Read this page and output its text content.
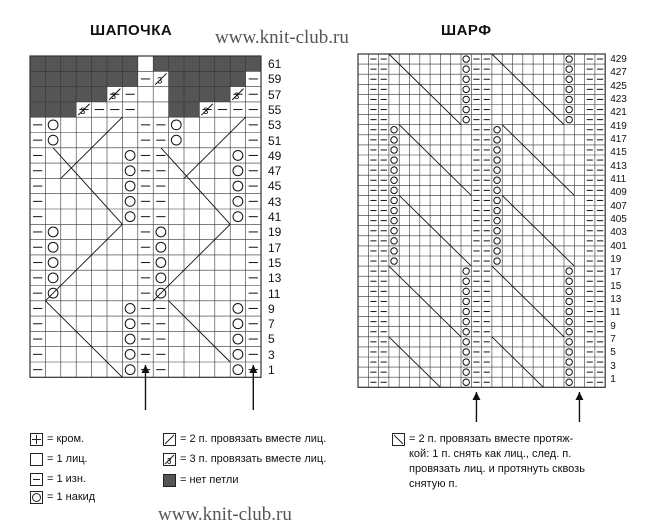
ШАПОЧКА	ШАРФ
www.knit-club.ru
www.knit-club.ru
3
3	3
3	3
61
59
57
55
53
51
49
47
45
43
41
19
17
15
13
11
9
7
5
3
1
429
427
425
423
421
419
417
415
413
411
409
407
405
403
401
19
17
15
13
11
9
7
5
3
1
= кром.
= 1 лиц.
= 1 изн.
= 1 накид
= 2 п. провязать вместе лиц.
3 = 3 п. провязать вместе лиц.
= нет петли
= 2 п. провязать вместе протяж-
кой: 1 п. снять как лиц., след. п.
провязать лиц. и протянуть сквозь
снятую п.
